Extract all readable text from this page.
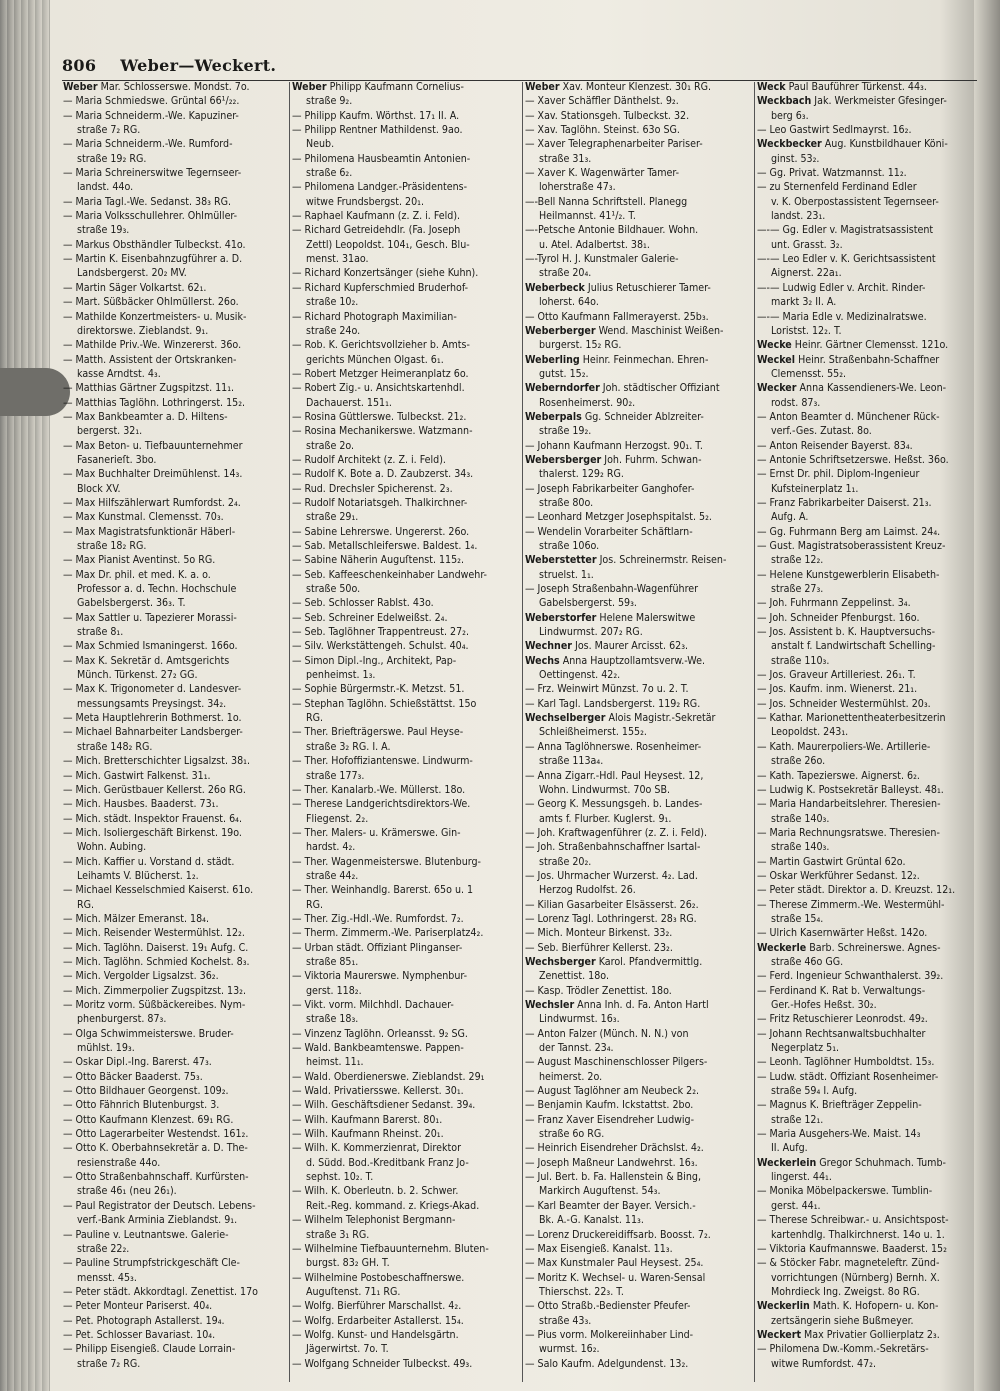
806 Weber—Weckert.
Weber Mar. Schlosserswe. Mondst. 7o.
— Maria Schmiedswe. Grüntal 66¹/₂₂.
— Maria Schneiderm.-We. Kapuziner-
straße 7₂ RG.
— Maria Schneiderm.-We. Rumford-
straße 19₂ RG.
— Maria Schreinerswitwe Tegernseer-
landst. 44o.
— Maria Tagl.-We. Sedanst. 38₃ RG.
— Maria Volksschullehrer. Ohlmüller-
straße 19₃.
— Markus Obsthändler Tulbeckst. 41o.
— Martin K. Eisenbahnzugführer a. D.
Landsbergerst. 20₂ MV.
— Martin Säger Volkartst. 62₁.
— Mart. Süßbäcker Ohlmüllerst. 26o.
— Mathilde Konzertmeisters- u. Musik-
direktorswe. Zieblandst. 9₁.
— Mathilde Priv.-We. Winzererst. 36o.
— Matth. Assistent der Ortskranken-
kasse Arndtst. 4₃.
— Matthias Gärtner Zugspitzst. 11₁.
— Matthias Taglöhn. Lothringerst. 15₂.
— Max Bankbeamter a. D. Hiltens-
bergerst. 32₁.
— Max Beton- u. Tiefbauunternehmer
Fasanerieſt. 3bo.
— Max Buchhalter Dreimühlenst. 14₃.
Block XV.
— Max Hilfszählerwart Rumfordst. 2₄.
— Max Kunstmal. Clemensst. 70₃.
— Max Magistratsfunktionär Häberl-
straße 18₂ RG.
— Max Pianist Aventinst. 5o RG.
— Max Dr. phil. et med. K. a. o.
Professor a. d. Techn. Hochschule
Gabelsbergerst. 36₃. T.
— Max Sattler u. Tapezierer Morassi-
straße 8₁.
— Max Schmied Ismaningerst. 166o.
— Max K. Sekretär d. Amtsgerichts
Münch. Türkenst. 27₂ GG.
— Max K. Trigonometer d. Landesver-
messungsamts Preysingst. 34₂.
— Meta Hauptlehrerin Bothmerst. 1o.
— Michael Bahnarbeiter Landsberger-
straße 148₂ RG.
— Mich. Bretterschichter Ligsalzst. 38₁.
— Mich. Gastwirt Falkenst. 31₁.
— Mich. Gerüstbauer Kellerst. 26o RG.
— Mich. Hausbes. Baaderst. 73₁.
— Mich. städt. Inspektor Frauenst. 6₄.
— Mich. Isoliergeschäft Birkenst. 19o.
Wohn. Aubing.
— Mich. Kaffier u. Vorstand d. städt.
Leihamts V. Blücherst. 1₂.
— Michael Kesselschmied Kaiserst. 61o.
RG.
— Mich. Mälzer Emeranst. 18₄.
— Mich. Reisender Westermühlst. 12₂.
— Mich. Taglöhn. Daiserst. 19₁ Aufg. C.
— Mich. Taglöhn. Schmied Kochelst. 8₃.
— Mich. Vergolder Ligsalzst. 36₂.
— Mich. Zimmerpolier Zugspitzst. 13₂.
— Moritz vorm. Süßbäckereibes. Nym-
phenburgerst. 87₃.
— Olga Schwimmeisterswe. Bruder-
mühlst. 19₃.
— Oskar Dipl.-Ing. Barerst. 47₃.
— Otto Bäcker Baaderst. 75₃.
— Otto Bildhauer Georgenst. 109₂.
— Otto Fähnrich Blutenburgst. 3.
— Otto Kaufmann Klenzest. 69₁ RG.
— Otto Lagerarbeiter Westendst. 161₂.
— Otto K. Oberbahnsekretär a. D. The-
resienstraße 44o.
— Otto Straßenbahnschaff. Kurfürsten-
straße 46₁ (neu 26₁).
— Paul Registrator der Deutsch. Lebens-
verf.-Bank Arminia Zieblandst. 9₁.
— Pauline v. Leutnantswe. Galerie-
straße 22₂.
— Pauline Strumpfstrickgeschäft Cle-
mensst. 45₃.
— Peter städt. Akkordtagl. Zenettist. 17o
— Peter Monteur Pariserst. 40₄.
— Pet. Photograph Astallerst. 19₄.
— Pet. Schlosser Bavariast. 10₄.
— Philipp Eisengieß. Claude Lorrain-
straße 7₂ RG.
Weber Philipp Kaufmann Cornelius-
straße 9₂.
— Philipp Kaufm. Wörthst. 17₁ II. A.
— Philipp Rentner Mathildenst. 9ao.
Neub.
— Philomena Hausbeamtin Antonien-
straße 6₂.
— Philomena Landger.-Präsidentens-
witwe Frundsbergst. 20₁.
— Raphael Kaufmann (z. Z. i. Feld).
— Richard Getreidehdlr. (Fa. Joseph
Zettl) Leopoldst. 104₁, Gesch. Blu-
menst. 31ao.
— Richard Konzertsänger (siehe Kuhn).
— Richard Kupferschmied Bruderhof-
straße 10₂.
— Richard Photograph Maximilian-
straße 24o.
— Rob. K. Gerichtsvollzieher b. Amts-
gerichts München Olgast. 6₁.
— Robert Metzger Heimeranplatz 6o.
— Robert Zig.- u. Ansichtskartenhdl.
Dachauerst. 151₁.
— Rosina Güttlerswe. Tulbeckst. 21₂.
— Rosina Mechanikerswe. Watzmann-
straße 2o.
— Rudolf Architekt (z. Z. i. Feld).
— Rudolf K. Bote a. D. Zaubzerst. 34₃.
— Rud. Drechsler Spicherenst. 2₃.
— Rudolf Notariatsgeh. Thalkirchner-
straße 29₁.
— Sabine Lehrerswe. Ungererst. 26o.
— Sab. Metallschleiferswe. Baldest. 1₄.
— Sabine Näherin Auguſtenst. 115₂.
— Seb. Kaffeeschenkeinhaber Landwehr-
straße 50o.
— Seb. Schlosser Rablst. 43o.
— Seb. Schreiner Edelweißst. 2₄.
— Seb. Taglöhner Trappentreust. 27₂.
— Silv. Werkstättengeh. Schulst. 40₄.
— Simon Dipl.-Ing., Architekt, Pap-
penheimst. 1₃.
— Sophie Bürgermstr.-K. Metzst. 51.
— Stephan Taglöhn. Schießstättst. 15o
RG.
— Ther. Briefträgerswe. Paul Heyse-
straße 3₂ RG. I. A.
— Ther. Hofoffiziantenswe. Lindwurm-
straße 177₃.
— Ther. Kanalarb.-We. Müllerst. 18o.
— Therese Landgerichtsdirektors-We.
Fliegenst. 2₂.
— Ther. Malers- u. Krämerswe. Gin-
hardst. 4₂.
— Ther. Wagenmeisterswe. Blutenburg-
straße 44₂.
— Ther. Weinhandlg. Barerst. 65o u. 1
RG.
— Ther. Zig.-Hdl.-We. Rumfordst. 7₂.
— Therm. Zimmerm.-We. Pariserplatz4₂.
— Urban städt. Offiziant Plinganser-
straße 85₁.
— Viktoria Maurerswe. Nymphenbur-
gerst. 118₂.
— Vikt. vorm. Milchhdl. Dachauer-
straße 18₃.
— Vinzenz Taglöhn. Orleansst. 9₂ SG.
— Wald. Bankbeamtenswe. Pappen-
heimst. 11₁.
— Wald. Oberdienerswe. Zieblandst. 29₁
— Wald. Privatiersswe. Kellerst. 30₁.
— Wilh. Geschäftsdiener Sedanst. 39₄.
— Wilh. Kaufmann Barerst. 80₁.
— Wilh. Kaufmann Rheinst. 20₁.
— Wilh. K. Kommerzienrat, Direktor
d. Südd. Bod.-Kreditbank Franz Jo-
sephst. 10₂. T.
— Wilh. K. Oberleutn. b. 2. Schwer.
Reit.-Reg. kommand. z. Kriegs-Akad.
— Wilhelm Telephonist Bergmann-
straße 3₁ RG.
— Wilhelmine Tiefbauunternehm. Bluten-
burgst. 83₂ GH. T.
— Wilhelmine Postobeschaffnerswe.
Auguſtenst. 71₁ RG.
— Wolfg. Bierführer Marschallst. 4₂.
— Wolfg. Erdarbeiter Astallerst. 15₄.
— Wolfg. Kunst- und Handelsgärtn.
Jägerwirtst. 7o. T.
— Wolfgang Schneider Tulbeckst. 49₃.
Weber Xav. Monteur Klenzest. 30₁ RG.
— Xaver Schäffler Dänthelst. 9₂.
— Xav. Stationsgeh. Tulbeckst. 32.
— Xav. Taglöhn. Steinst. 63o SG.
— Xaver Telegraphenarbeiter Pariser-
straße 31₃.
— Xaver K. Wagenwärter Tamer-
loherstraße 47₃.
—-Bell Nanna Schriftstell. Planegg
Heilmannst. 41¹/₂. T.
—-Petsche Antonie Bildhauer. Wohn.
u. Atel. Adalbertst. 38₁.
—-Tyrol H. J. Kunstmaler Galerie-
straße 20₄.
Weberbeck Julius Retuschierer Tamer-
loherst. 64o.
— Otto Kaufmann Fallmerayerst. 25b₃.
Weberberger Wend. Maschinist Weißen-
burgerst. 15₂ RG.
Weberling Heinr. Feinmechan. Ehren-
gutst. 15₂.
Weberndorfer Joh. städtischer Offiziant
Rosenheimerst. 90₂.
Weberpals Gg. Schneider Ablzreiter-
straße 19₂.
— Johann Kaufmann Herzogst. 90₁. T.
Webersberger Joh. Fuhrm. Schwan-
thalerst. 129₂ RG.
— Joseph Fabrikarbeiter Ganghofer-
straße 80o.
— Leonhard Metzger Josephspitalst. 5₂.
— Wendelin Vorarbeiter Schäftlarn-
straße 106o.
Weberstetter Jos. Schreinermstr. Reisen-
struelst. 1₁.
— Joseph Straßenbahn-Wagenführer
Gabelsbergerst. 59₃.
Weberstorfer Helene Malerswitwe
Lindwurmst. 207₂ RG.
Wechner Jos. Maurer Arcisst. 62₃.
Wechs Anna Hauptzollamtsverw.-We.
Oettingenst. 42₂.
— Frz. Weinwirt Münzst. 7o u. 2. T.
— Karl Tagl. Landsbergerst. 119₂ RG.
Wechselberger Alois Magistr.-Sekretär
Schleißheimerst. 155₂.
— Anna Taglöhnerswe. Rosenheimer-
straße 113a₄.
— Anna Zigarr.-Hdl. Paul Heysest. 12,
Wohn. Lindwurmst. 70o SB.
— Georg K. Messungsgeh. b. Landes-
amts f. Flurber. Kuglerst. 9₁.
— Joh. Kraftwagenführer (z. Z. i. Feld).
— Joh. Straßenbahnschaffner Isartal-
straße 20₂.
— Jos. Uhrmacher Wurzerst. 4₂. Lad.
Herzog Rudolfst. 26.
— Kilian Gasarbeiter Elsässerst. 26₂.
— Lorenz Tagl. Lothringerst. 28₃ RG.
— Mich. Monteur Birkenst. 33₂.
— Seb. Bierführer Kellerst. 23₂.
Wechsberger Karol. Pfandvermittlg.
Zenettist. 18o.
— Kasp. Trödler Zenettist. 18o.
Wechsler Anna Inh. d. Fa. Anton Hartl
Lindwurmst. 16₃.
— Anton Falzer (Münch. N. N.) von
der Tannst. 23₄.
— August Maschinenschlosser Pilgers-
heimerst. 2o.
— August Taglöhner am Neubeck 2₂.
— Benjamin Kaufm. Ickstattst. 2bo.
— Franz Xaver Eisendreher Ludwig-
straße 6o RG.
— Heinrich Eisendreher Drächslst. 4₂.
— Joseph Maßneur Landwehrst. 16₃.
— Jul. Bert. b. Fa. Hallenstein & Bing,
Markirch Auguſtenst. 54₃.
— Karl Beamter der Bayer. Versich.-
Bk. A.-G. Kanalst. 11₃.
— Lorenz Druckereidiffsarb. Boosst. 7₂.
— Max Eisengieß. Kanalst. 11₃.
— Max Kunstmaler Paul Heysest. 25₄.
— Moritz K. Wechsel- u. Waren-Sensal
Thierschst. 22₃. T.
— Otto Straßb.-Bedienster Pfeufer-
straße 43₃.
— Pius vorm. Molkereiinhaber Lind-
wurmst. 16₂.
— Salo Kaufm. Adelgundenst. 13₂.
Weck Paul Bauführer Türkenst. 44₃.
Weckbach Jak. Werkmeister Gfesinger-
berg 6₃.
— Leo Gastwirt Sedlmayrst. 16₂.
Weckbecker Aug. Kunstbildhauer Köni-
ginst. 53₂.
— Gg. Privat. Watzmannst. 11₂.
— zu Sternenfeld Ferdinand Edler
v. K. Oberpostassistent Tegernseer-
landst. 23₁.
—-— Gg. Edler v. Magistratsassistent
unt. Grasst. 3₂.
—-— Leo Edler v. K. Gerichtsassistent
Aignerst. 22a₁.
—-— Ludwig Edler v. Archit. Rinder-
markt 3₂ II. A.
—-— Maria Edle v. Medizinalratswe.
Loristst. 12₂. T.
Wecke Heinr. Gärtner Clemensst. 121o.
Weckel Heinr. Straßenbahn-Schaffner
Clemensst. 55₂.
Wecker Anna Kassendieners-We. Leon-
rodst. 87₃.
— Anton Beamter d. Münchener Rück-
verf.-Ges. Zutast. 8o.
— Anton Reisender Bayerst. 83₄.
— Antonie Schriftsetzerswe. Heßst. 36o.
— Ernst Dr. phil. Diplom-Ingenieur
Kufsteinerplatz 1₁.
— Franz Fabrikarbeiter Daiserst. 21₃.
Aufg. A.
— Gg. Fuhrmann Berg am Laimst. 24₄.
— Gust. Magistratsoberassistent Kreuz-
straße 12₂.
— Helene Kunstgewerblerin Elisabeth-
straße 27₃.
— Joh. Fuhrmann Zeppelinst. 3₄.
— Joh. Schneider Pfenburgst. 16o.
— Jos. Assistent b. K. Hauptversuchs-
anstalt f. Landwirtschaft Schelling-
straße 110₃.
— Jos. Graveur Artilleriest. 26₁. T.
— Jos. Kaufm. inm. Wienerst. 21₁.
— Jos. Schneider Westermühlst. 20₃.
— Kathar. Marionettentheaterbesitzerin
Leopoldst. 243₁.
— Kath. Maurerpoliers-We. Artillerie-
straße 26o.
— Kath. Tapezierswe. Aignerst. 6₂.
— Ludwig K. Postsekretär Balleyst. 48₁.
— Maria Handarbeitslehrer. Theresien-
straße 140₃.
— Maria Rechnungsratswe. Theresien-
straße 140₃.
— Martin Gastwirt Grüntal 62o.
— Oskar Werkführer Sedanst. 12₂.
— Peter städt. Direktor a. D. Kreuzst. 12₁.
— Therese Zimmerm.-We. Westermühl-
straße 15₄.
— Ulrich Kasernwärter Heßst. 142o.
Weckerle Barb. Schreinerswe. Agnes-
straße 46o GG.
— Ferd. Ingenieur Schwanthalerst. 39₂.
— Ferdinand K. Rat b. Verwaltungs-
Ger.-Hofes Heßst. 30₂.
— Fritz Retuschierer Leonrodst. 49₂.
— Johann Rechtsanwaltsbuchhalter
Negerplatz 5₁.
— Leonh. Taglöhner Humboldtst. 15₃.
— Ludw. städt. Offiziant Rosenheimer-
straße 59₄ I. Aufg.
— Magnus K. Briefträger Zeppelin-
straße 12₁.
— Maria Ausgehers-We. Maist. 14₃
II. Aufg.
Weckerlein Gregor Schuhmach. Tumb-
lingerst. 44₁.
— Monika Möbelpackerswe. Tumblin-
gerst. 44₁.
— Therese Schreibwar.- u. Ansichtspost-
kartenhdlg. Thalkirchnerst. 14o u. 1.
— Viktoria Kaufmannswe. Baaderst. 15₂
— & Stöcker Fabr. magneteleftr. Zünd-
vorrichtungen (Nürnberg) Bernh. X.
Mohrdieck Ing. Zweigst. 8o RG.
Weckerlin Math. K. Hofopern- u. Kon-
zertsängerin siehe Bußmeyer.
Weckert Max Privatier Gollierplatz 2₃.
— Philomena Dw.-Komm.-Sekretärs-
witwe Rumfordst. 47₂.
